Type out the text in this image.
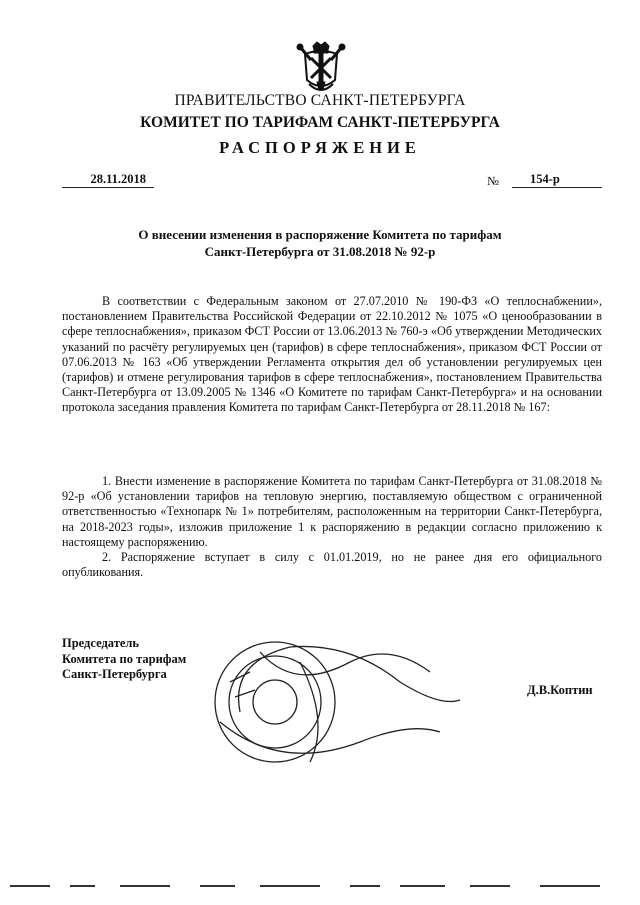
ПРАВИТЕЛЬСТВО САНКТ-ПЕТЕРБУРГА
КОМИТЕТ ПО ТАРИФАМ САНКТ-ПЕТЕРБУРГА
РАСПОРЯЖЕНИЕ
28.11.2018	№	154-р
О внесении изменения в распоряжение Комитета по тарифам
Санкт-Петербурга от 31.08.2018 № 92-р

В соответствии с Федеральным законом от 27.07.2010 № 190-ФЗ «О теплоснабжении», постановлением Правительства Российской Федерации от 22.10.2012 № 1075 «О ценообразовании в сфере теплоснабжения», приказом ФСТ России от 13.06.2013 № 760-э «Об утверждении Методических указаний по расчёту регулируемых цен (тарифов) в сфере теплоснабжения», приказом ФСТ России от 07.06.2013 № 163 «Об утверждении Регламента открытия дел об установлении регулируемых цен (тарифов) и отмене регулирования тарифов в сфере теплоснабжения», постановлением Правительства Санкт-Петербурга от 13.09.2005 № 1346 «О Комитете по тарифам Санкт-Петербурга» и на основании протокола заседания правления Комитета по тарифам Санкт-Петербурга от 28.11.2018 № 167:

1. Внести изменение в распоряжение Комитета по тарифам Санкт-Петербурга от 31.08.2018 № 92-р «Об установлении тарифов на тепловую энергию, поставляемую обществом с ограниченной ответственностью «Технопарк № 1» потребителям, расположенным на территории Санкт-Петербурга, на 2018-2023 годы», изложив приложение 1 к распоряжению в редакции согласно приложению к настоящему распоряжению.

2. Распоряжение вступает в силу с 01.01.2019, но не ранее дня его официального опубликования.

Председатель
Комитета по тарифам
Санкт-Петербурга
Д.В.Коптин
